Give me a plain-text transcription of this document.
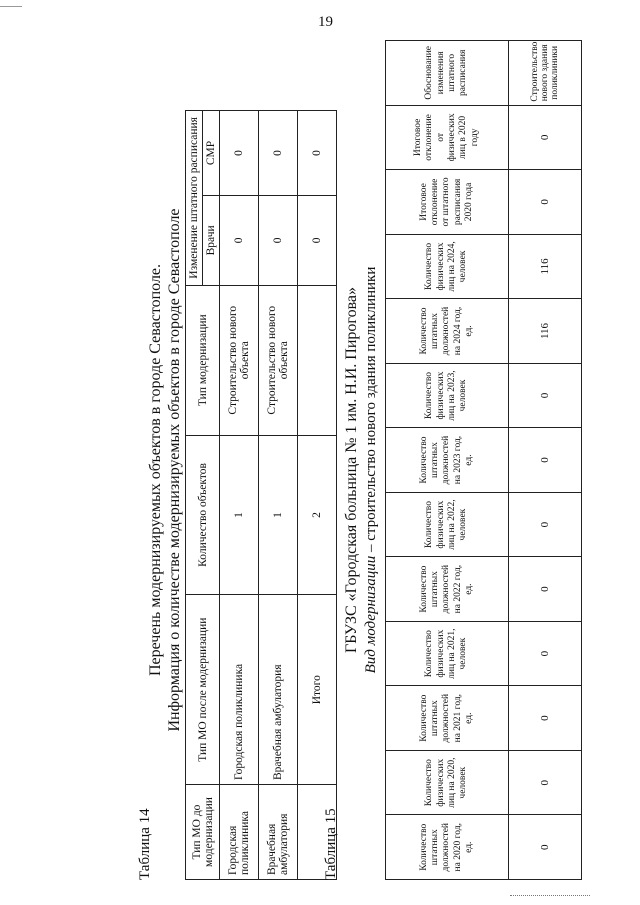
19
Таблица 14
Перечень модернизируемых объектов в городе Севастополе. Информация о количестве модернизируемых объектов в городе Севастополе
Тип МО до модернизации	Тип МО после модернизации	Количество объектов	Тип модернизации	Изменение штатного расписания	
				Врачи	СМР
Городская поликлиника	Городская поликлиника	1	Строительство нового объекта	0	0
Врачебная амбулатория	Врачебная амбулатория	1	Строительство нового объекта	0	0
	Итого	2		0	0
Таблица 15
ГБУЗС «Городская больница № 1 им. Н.И. Пирогова» Вид модернизации – строительство нового здания поликлиники
Количество штатных должностей на 2020 год, ед.	Количество физических лиц на 2020, человек	Количество штатных должностей на 2021 год, ед.	Количество физических лиц на 2021, человек	Количество штатных должностей на 2022 год, ед.	Количество физических лиц на 2022, человек	Количество штатных должностей на 2023 год, ед.	Количество физических лиц на 2023, человек	Количество штатных должностей на 2024 год, ед.	Количество физических лиц на 2024, человек	Итоговое отклонение от штатного расписания 2020 года	Итоговое отклонение от физических лиц в 2020 году	Обоснование изменения штатного расписания
0	0	0	0	0	0	0	0	116	116	0	0	Строительство нового здания поликлиники
